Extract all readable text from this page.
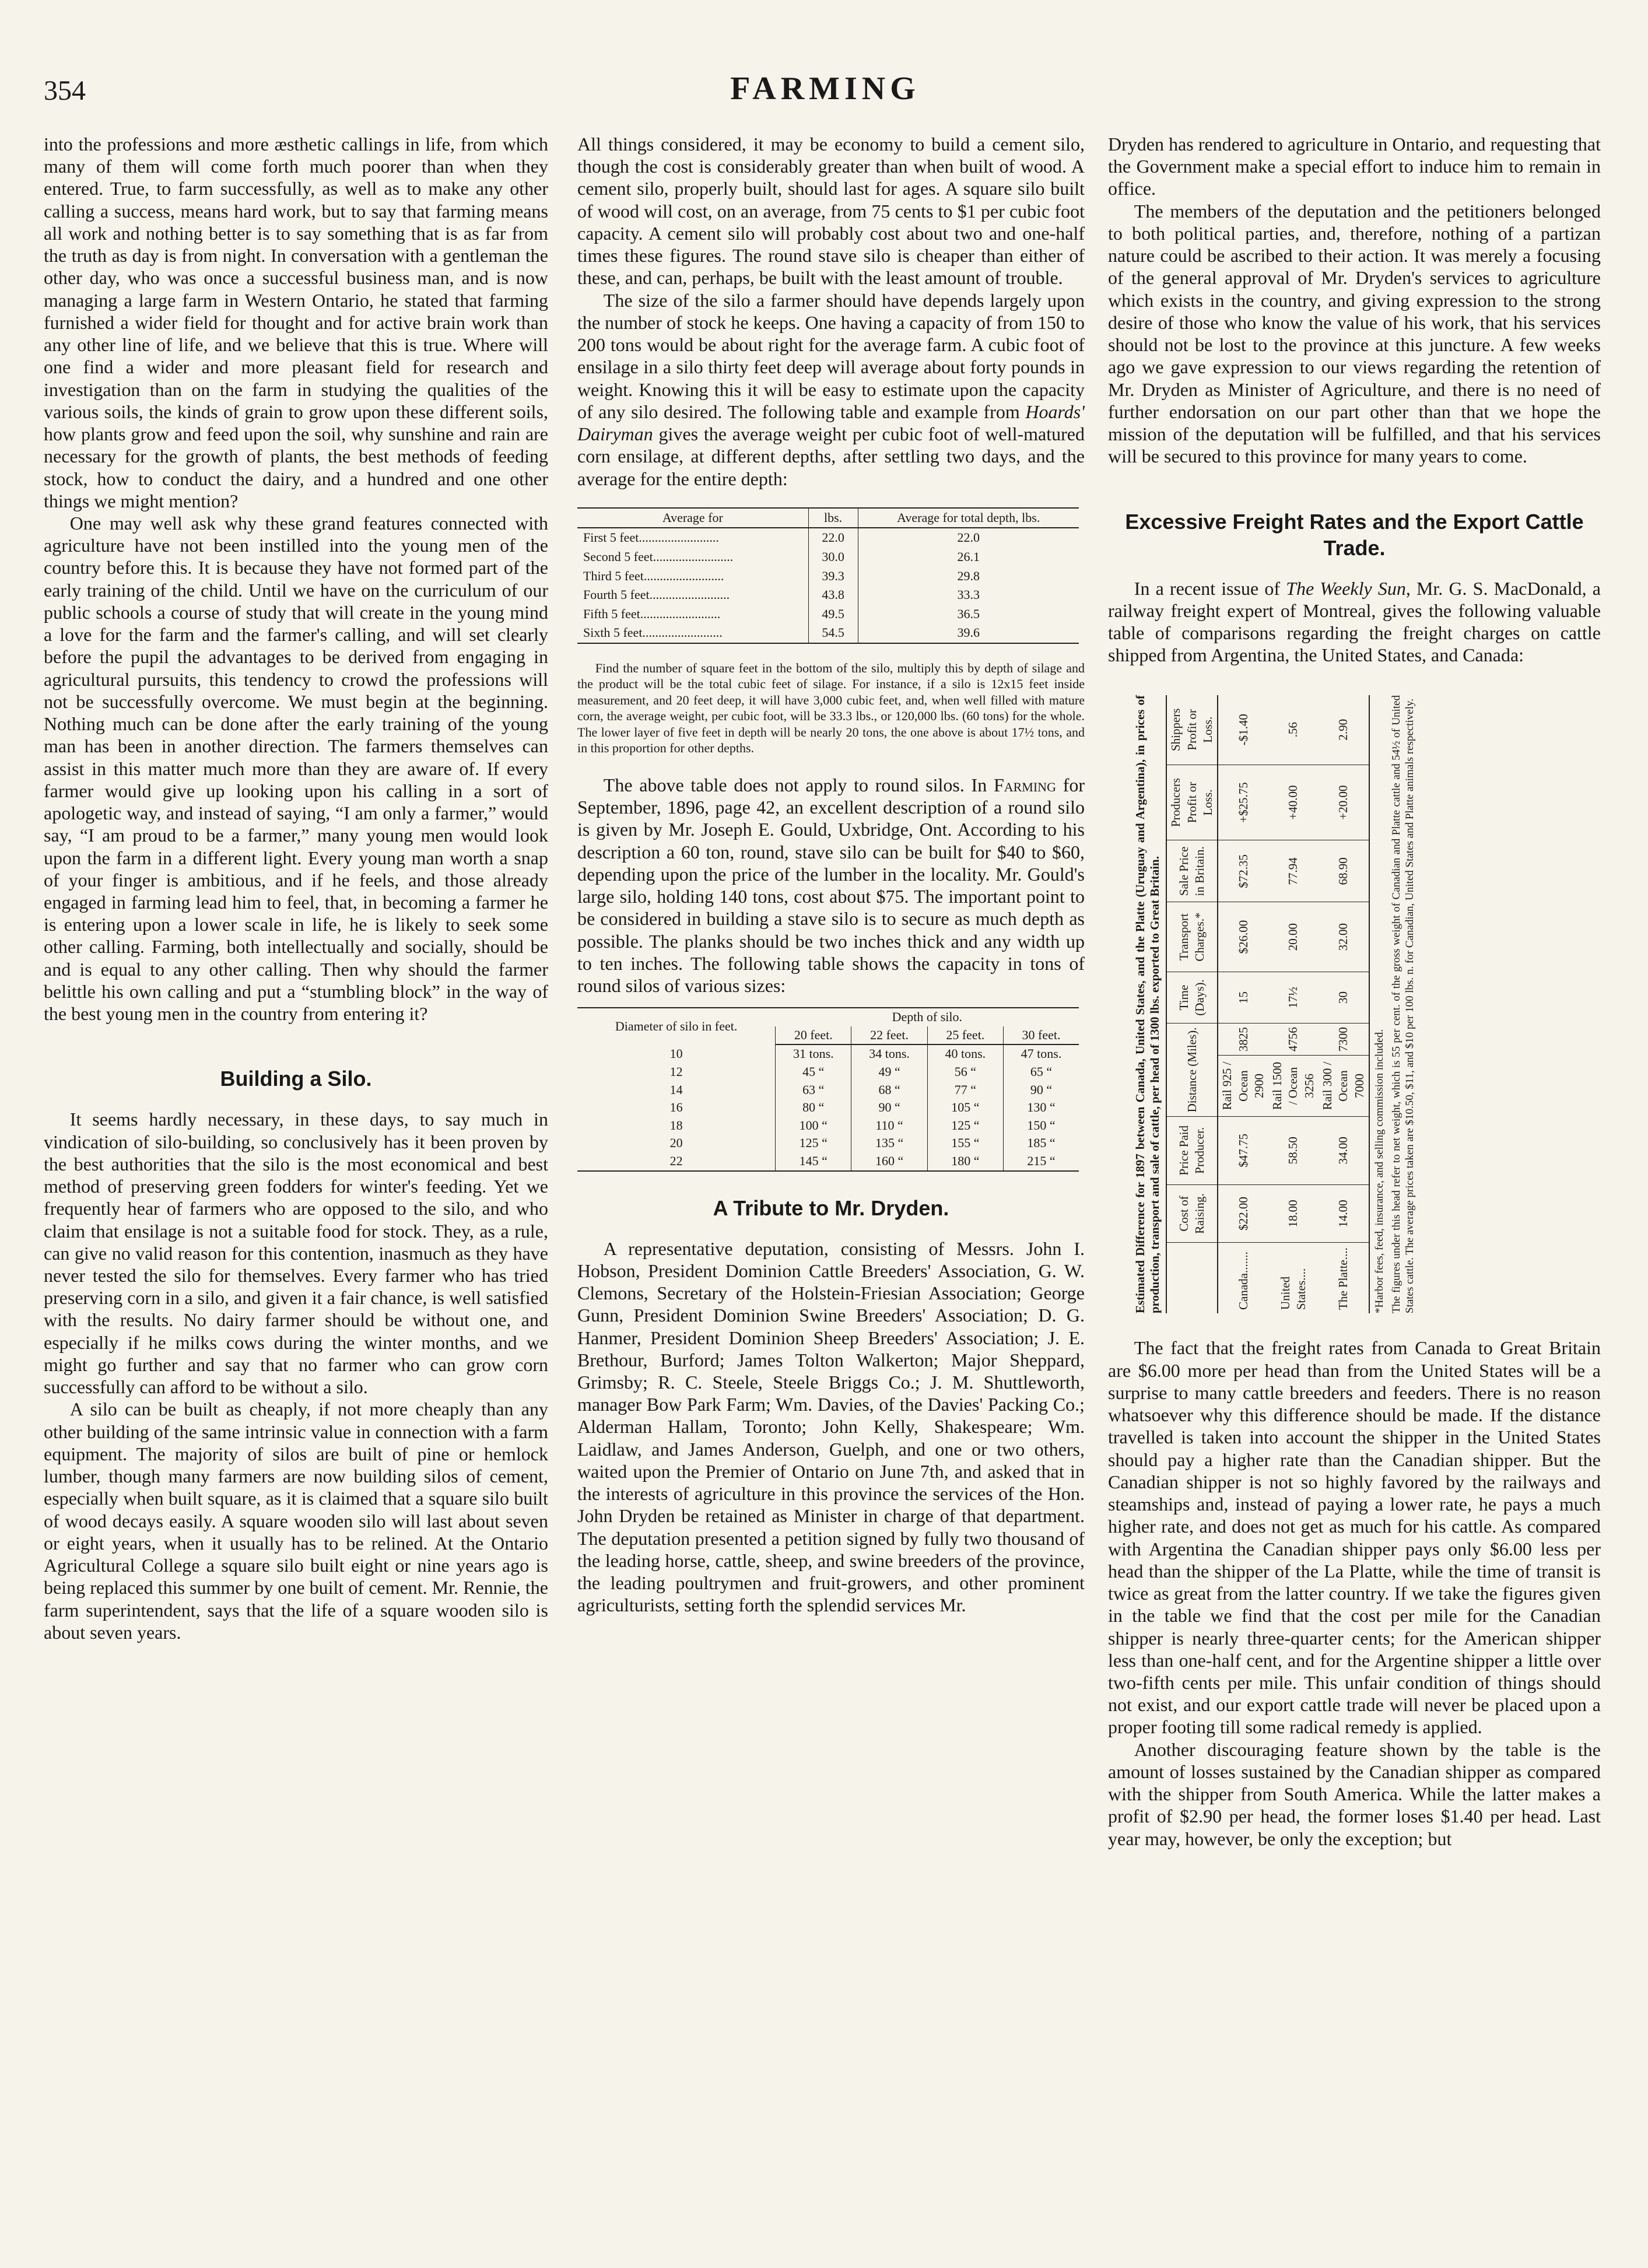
354	FARMING

into the professions and more æsthetic callings in life, from which many of them will come forth much poorer than when they entered. True, to farm successfully, as well as to make any other calling a success, means hard work, but to say that farming means all work and nothing better is to say something that is as far from the truth as day is from night. In conversation with a gentleman the other day, who was once a successful business man, and is now managing a large farm in Western Ontario, he stated that farming furnished a wider field for thought and for active brain work than any other line of life, and we believe that this is true. Where will one find a wider and more pleasant field for research and investigation than on the farm in studying the qualities of the various soils, the kinds of grain to grow upon these different soils, how plants grow and feed upon the soil, why sunshine and rain are necessary for the growth of plants, the best methods of feeding stock, how to conduct the dairy, and a hundred and one other things we might mention?

One may well ask why these grand features connected with agriculture have not been instilled into the young men of the country before this. It is because they have not formed part of the early training of the child. Until we have on the curriculum of our public schools a course of study that will create in the young mind a love for the farm and the farmer's calling, and will set clearly before the pupil the advantages to be derived from engaging in agricultural pursuits, this tendency to crowd the professions will not be successfully overcome. We must begin at the beginning. Nothing much can be done after the early training of the young man has been in another direction. The farmers themselves can assist in this matter much more than they are aware of. If every farmer would give up looking upon his calling in a sort of apologetic way, and instead of saying, “I am only a farmer,” would say, “I am proud to be a farmer,” many young men would look upon the farm in a different light. Every young man worth a snap of your finger is ambitious, and if he feels, and those already engaged in farming lead him to feel, that, in becoming a farmer he is entering upon a lower scale in life, he is likely to seek some other calling. Farming, both intellectually and socially, should be and is equal to any other calling. Then why should the farmer belittle his own calling and put a “stumbling block” in the way of the best young men in the country from entering it?

Building a Silo.

It seems hardly necessary, in these days, to say much in vindication of silo-building, so conclusively has it been proven by the best authorities that the silo is the most economical and best method of preserving green fodders for winter's feeding. Yet we frequently hear of farmers who are opposed to the silo, and who claim that ensilage is not a suitable food for stock. They, as a rule, can give no valid reason for this contention, inasmuch as they have never tested the silo for themselves. Every farmer who has tried preserving corn in a silo, and given it a fair chance, is well satisfied with the results. No dairy farmer should be without one, and especially if he milks cows during the winter months, and we might go further and say that no farmer who can grow corn successfully can afford to be without a silo.

A silo can be built as cheaply, if not more cheaply than any other building of the same intrinsic value in connection with a farm equipment. The majority of silos are built of pine or hemlock lumber, though many farmers are now building silos of cement, especially when built square, as it is claimed that a square silo built of wood decays easily. A square wooden silo will last about seven or eight years, when it usually has to be relined. At the Ontario Agricultural College a square silo built eight or nine years ago is being replaced this summer by one built of cement. Mr. Rennie, the farm superintendent, says that the life of a square wooden silo is about seven years.

All things considered, it may be economy to build a cement silo, though the cost is considerably greater than when built of wood. A cement silo, properly built, should last for ages. A square silo built of wood will cost, on an average, from 75 cents to $1 per cubic foot capacity. A cement silo will probably cost about two and one-half times these figures. The round stave silo is cheaper than either of these, and can, perhaps, be built with the least amount of trouble.

The size of the silo a farmer should have depends largely upon the number of stock he keeps. One having a capacity of from 150 to 200 tons would be about right for the average farm. A cubic foot of ensilage in a silo thirty feet deep will average about forty pounds in weight. Knowing this it will be easy to estimate upon the capacity of any silo desired. The following table and example from Hoards' Dairyman gives the average weight per cubic foot of well-matured corn ensilage, at different depths, after settling two days, and the average for the entire depth:

Average for	lbs.	Average for total depth, lbs.
First 5 feet.........................	22.0	22.0
Second 5 feet.........................	30.0	26.1
Third 5 feet.........................	39.3	29.8
Fourth 5 feet.........................	43.8	33.3
Fifth 5 feet.........................	49.5	36.5
Sixth 5 feet.........................	54.5	39.6
Find the number of square feet in the bottom of the silo, multiply this by depth of silage and the product will be the total cubic feet of silage. For instance, if a silo is 12x15 feet inside measurement, and 20 feet deep, it will have 3,000 cubic feet, and, when well filled with mature corn, the average weight, per cubic foot, will be 33.3 lbs., or 120,000 lbs. (60 tons) for the whole. The lower layer of five feet in depth will be nearly 20 tons, the one above is about 17½ tons, and in this proportion for other depths.

The above table does not apply to round silos. In Farming for September, 1896, page 42, an excellent description of a round silo is given by Mr. Joseph E. Gould, Uxbridge, Ont. According to his description a 60 ton, round, stave silo can be built for $40 to $60, depending upon the price of the lumber in the locality. Mr. Gould's large silo, holding 140 tons, cost about $75. The important point to be considered in building a stave silo is to secure as much depth as possible. The planks should be two inches thick and any width up to ten inches. The following table shows the capacity in tons of round silos of various sizes:

Diameter of silo in feet.	Depth of silo.			
	20 feet.	22 feet.	25 feet.	30 feet.
10	31 tons.	34 tons.	40 tons.	47 tons.
12	45 “	49 “	56 “	65 “
14	63 “	68 “	77 “	90 “
16	80 “	90 “	105 “	130 “
18	100 “	110 “	125 “	150 “
20	125 “	135 “	155 “	185 “
22	145 “	160 “	180 “	215 “
A Tribute to Mr. Dryden.

A representative deputation, consisting of Messrs. John I. Hobson, President Dominion Cattle Breeders' Association, G. W. Clemons, Secretary of the Holstein-Friesian Association; George Gunn, President Dominion Swine Breeders' Association; D. G. Hanmer, President Dominion Sheep Breeders' Association; J. E. Brethour, Burford; James Tolton Walkerton; Major Sheppard, Grimsby; R. C. Steele, Steele Briggs Co.; J. M. Shuttleworth, manager Bow Park Farm; Wm. Davies, of the Davies' Packing Co.; Alderman Hallam, Toronto; John Kelly, Shakespeare; Wm. Laidlaw, and James Anderson, Guelph, and one or two others, waited upon the Premier of Ontario on June 7th, and asked that in the interests of agriculture in this province the services of the Hon. John Dryden be retained as Minister in charge of that department. The deputation presented a petition signed by fully two thousand of the leading horse, cattle, sheep, and swine breeders of the province, the leading poultrymen and fruit-growers, and other prominent agriculturists, setting forth the splendid services Mr.

Dryden has rendered to agriculture in Ontario, and requesting that the Government make a special effort to induce him to remain in office.

The members of the deputation and the petitioners belonged to both political parties, and, therefore, nothing of a partizan nature could be ascribed to their action. It was merely a focusing of the general approval of Mr. Dryden's services to agriculture which exists in the country, and giving expression to the strong desire of those who know the value of his work, that his services should not be lost to the province at this juncture. A few weeks ago we gave expression to our views regarding the retention of Mr. Dryden as Minister of Agriculture, and there is no need of further endorsation on our part other than that we hope the mission of the deputation will be fulfilled, and that his services will be secured to this province for many years to come.

Excessive Freight Rates and the Export Cattle Trade.

In a recent issue of The Weekly Sun, Mr. G. S. MacDonald, a railway freight expert of Montreal, gives the following valuable table of comparisons regarding the freight charges on cattle shipped from Argentina, the United States, and Canada:

Estimated Difference for 1897 between Canada, United States, and the Platte (Uruguay and Argentina), in prices of production, transport and sale of cattle, per head of 1300 lbs. exported to Great Britain.
	Cost of Raising.	Price Paid Producer.	Distance (Miles).		Time (Days).	Transport Charges.*	Sale Price in Britain.	Producers Profit or Loss.	Shippers Profit or Loss.
Canada.......	$22.00	$47.75	Rail 925 / Ocean 2900	3825	15	$26.00	$72.35	+$25.75	-$1.40
United States....	18.00	58.50	Rail 1500 / Ocean 3256	4756	17½	20.00	77.94	+40.00	.56
The Platte....	14.00	34.00	Rail 300 / Ocean 7000	7300	30	32.00	68.90	+20.00	2.90
*Harbor fees, feed, insurance, and selling commission included. The figures under this head refer to net weight, which is 55 per cent. of the gross weight of Canadian and Platte cattle and 54½ of United States cattle. The average prices taken are $10.50, $11, and $10 per 100 lbs. n. for Canadian, United States and Platte animals respectively.

The fact that the freight rates from Canada to Great Britain are $6.00 more per head than from the United States will be a surprise to many cattle breeders and feeders. There is no reason whatsoever why this difference should be made. If the distance travelled is taken into account the shipper in the United States should pay a higher rate than the Canadian shipper. But the Canadian shipper is not so highly favored by the railways and steamships and, instead of paying a lower rate, he pays a much higher rate, and does not get as much for his cattle. As compared with Argentina the Canadian shipper pays only $6.00 less per head than the shipper of the La Platte, while the time of transit is twice as great from the latter country. If we take the figures given in the table we find that the cost per mile for the Canadian shipper is nearly three-quarter cents; for the American shipper less than one-half cent, and for the Argentine shipper a little over two-fifth cents per mile. This unfair condition of things should not exist, and our export cattle trade will never be placed upon a proper footing till some radical remedy is applied.

Another discouraging feature shown by the table is the amount of losses sustained by the Canadian shipper as compared with the shipper from South America. While the latter makes a profit of $2.90 per head, the former loses $1.40 per head. Last year may, however, be only the exception; but
